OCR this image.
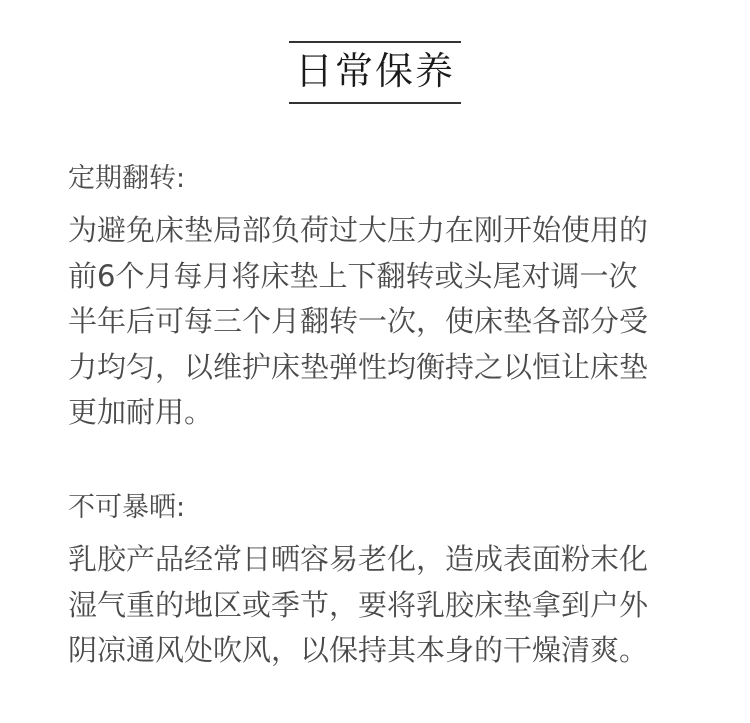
日常保养
定期翻转:
为避免床垫局部负荷过大压力在刚开始使用的
前6个月每月将床垫上下翻转或头尾对调一次
半年后可每三个月翻转一次，使床垫各部分受
力均匀，以维护床垫弹性均衡持之以恒让床垫
更加耐用。
不可暴晒:
乳胶产品经常日晒容易老化，造成表面粉末化
湿气重的地区或季节，要将乳胶床垫拿到户外
阴凉通风处吹风，以保持其本身的干燥清爽。
